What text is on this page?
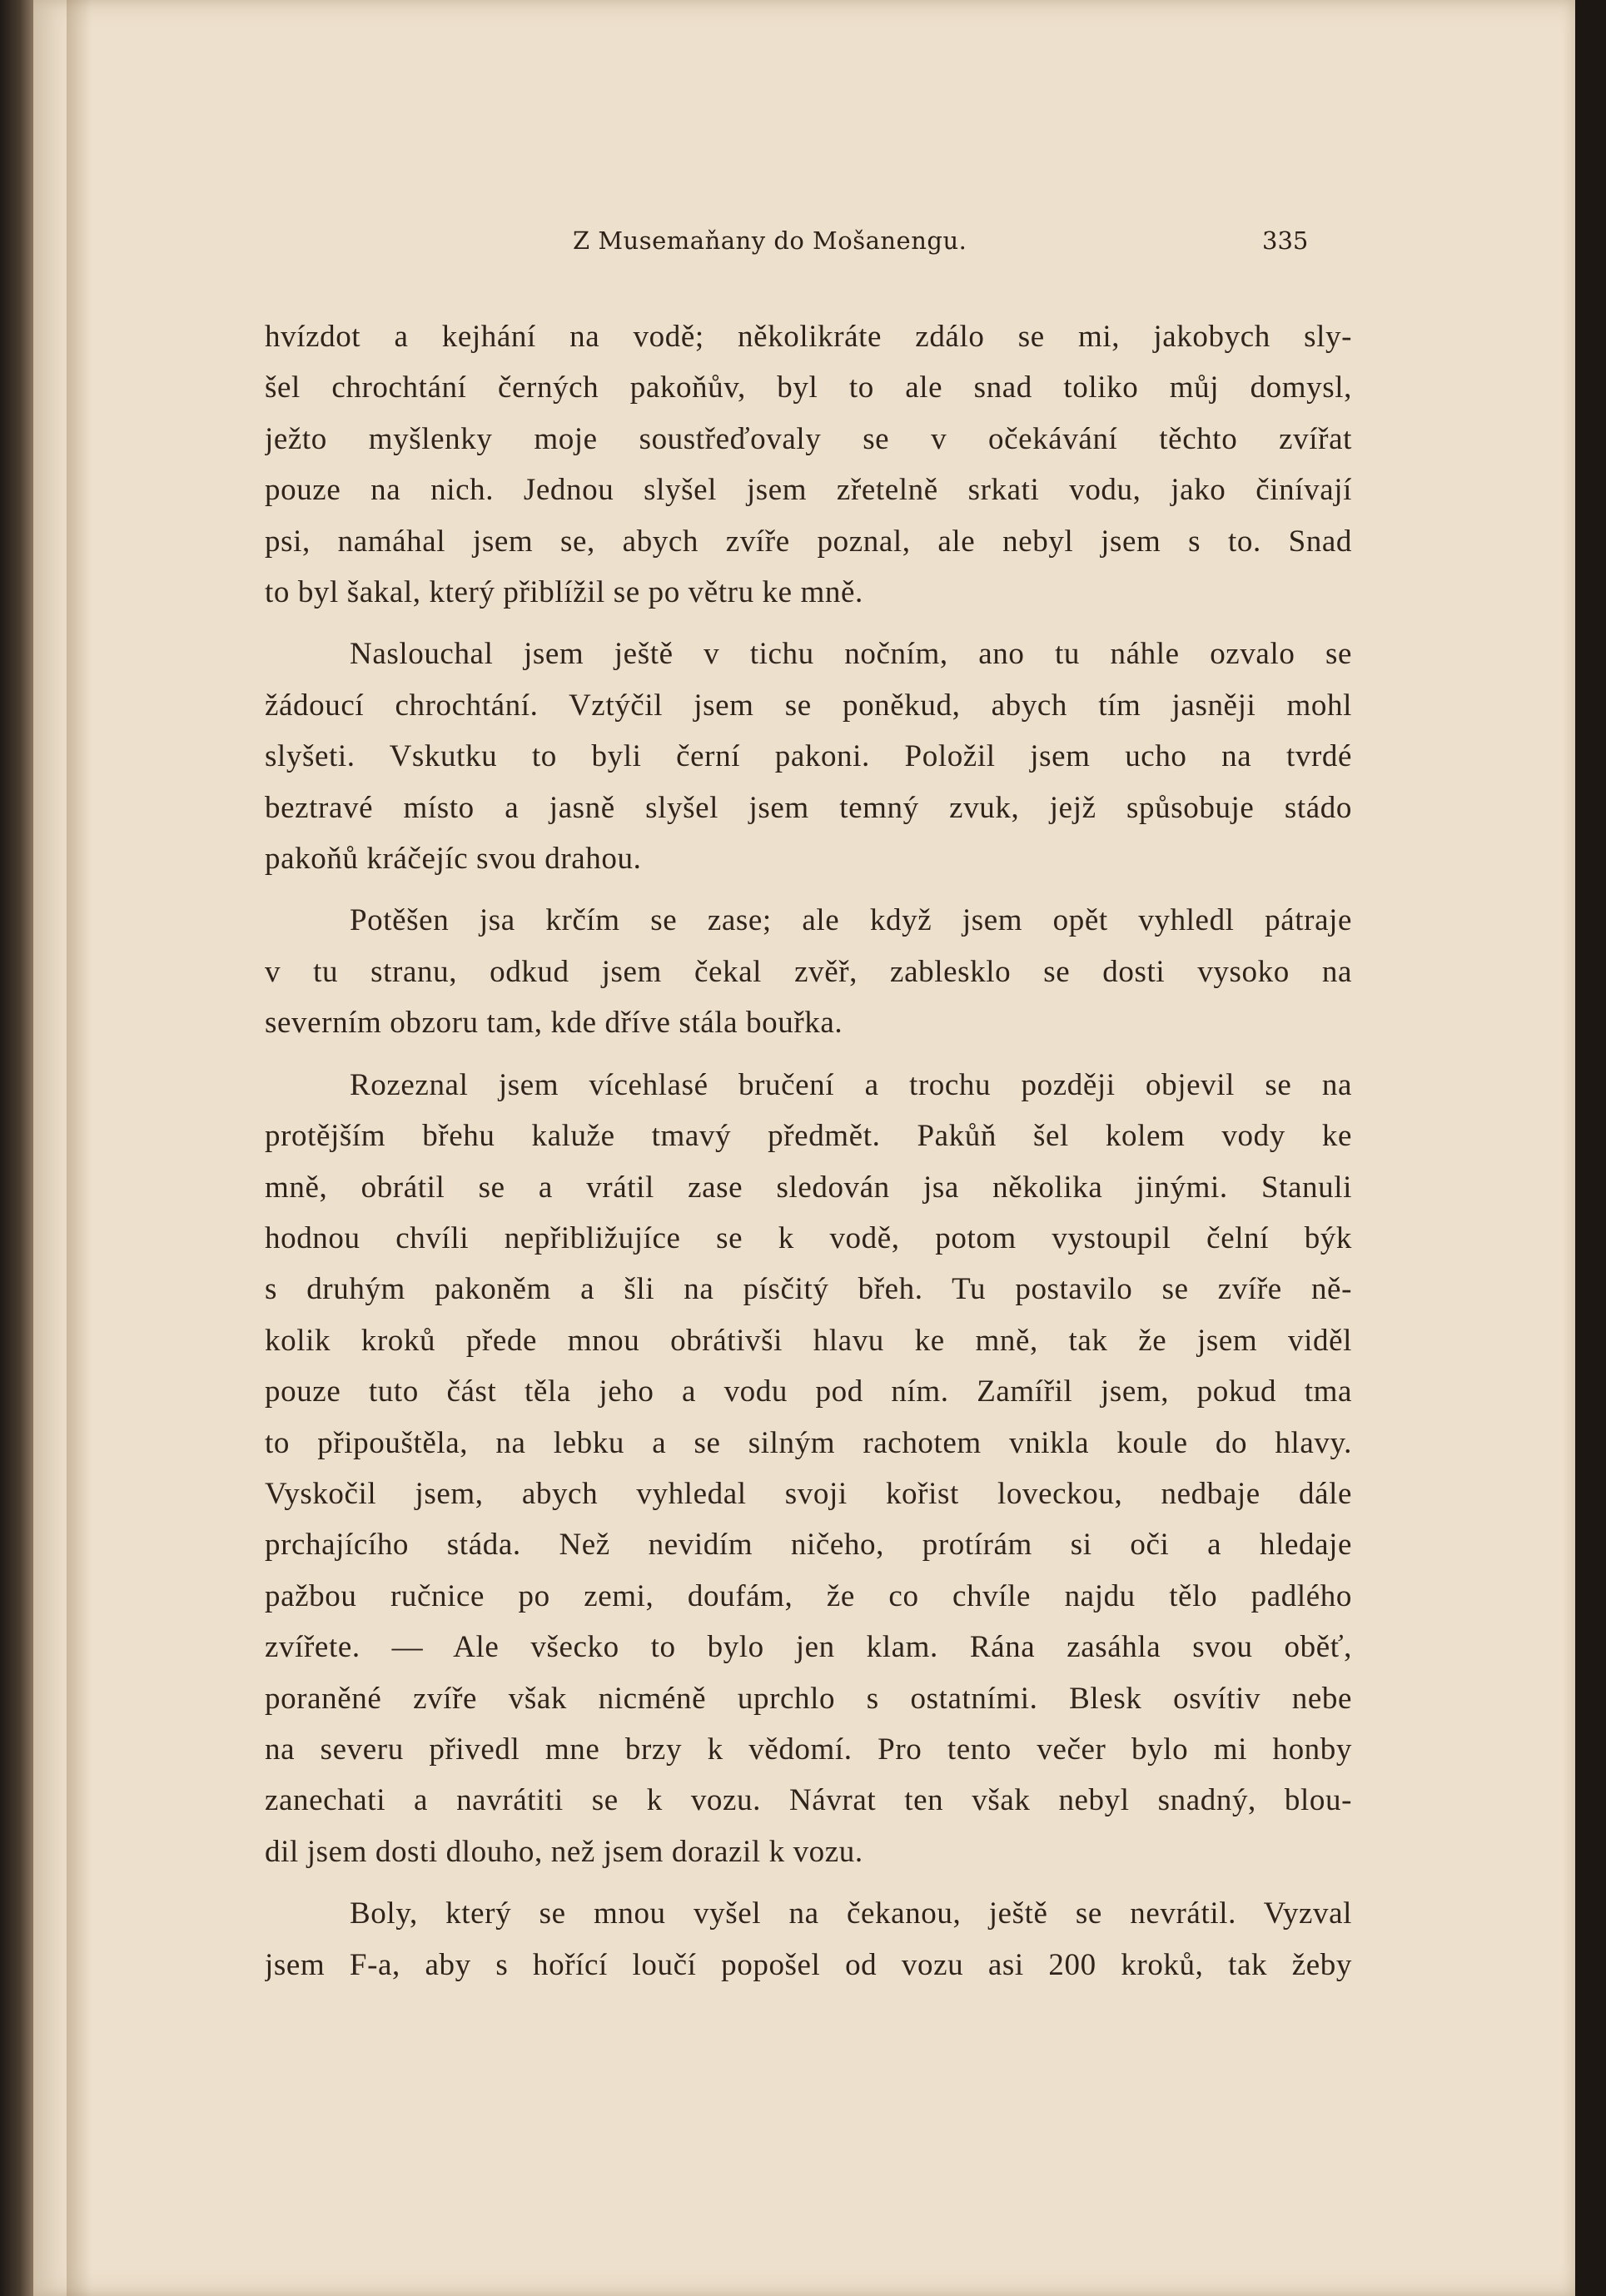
Z Musemaňany do Mošanengu.	335
hvízdot a kejhání na vodě; několikráte zdálo se mi, jakobych sly-
šel chrochtání černých pakoňův, byl to ale snad toliko můj domysl,
ježto myšlenky moje soustřeďovaly se v očekávání těchto zvířat
pouze na nich. Jednou slyšel jsem zřetelně srkati vodu, jako činívají
psi, namáhal jsem se, abych zvíře poznal, ale nebyl jsem s to. Snad
to byl šakal, který přiblížil se po větru ke mně.
Naslouchal jsem ještě v tichu nočním, ano tu náhle ozvalo se
žádoucí chrochtání. Vztýčil jsem se poněkud, abych tím jasněji mohl
slyšeti. Vskutku to byli černí pakoni. Položil jsem ucho na tvrdé
beztravé místo a jasně slyšel jsem temný zvuk, jejž spůsobuje stádo
pakoňů kráčejíc svou drahou.
Potěšen jsa krčím se zase; ale když jsem opět vyhledl pátraje
v tu stranu, odkud jsem čekal zvěř, zablesklo se dosti vysoko na
severním obzoru tam, kde dříve stála bouřka.
Rozeznal jsem vícehlasé bručení a trochu později objevil se na
protějším břehu kaluže tmavý předmět. Pakůň šel kolem vody ke
mně, obrátil se a vrátil zase sledován jsa několika jinými. Stanuli
hodnou chvíli nepřibližujíce se k vodě, potom vystoupil čelní býk
s druhým pakoněm a šli na písčitý břeh. Tu postavilo se zvíře ně-
kolik kroků přede mnou obrátivši hlavu ke mně, tak že jsem viděl
pouze tuto část těla jeho a vodu pod ním. Zamířil jsem, pokud tma
to připouštěla, na lebku a se silným rachotem vnikla koule do hlavy.
Vyskočil jsem, abych vyhledal svoji kořist loveckou, nedbaje dále
prchajícího stáda. Než nevidím ničeho, protírám si oči a hledaje
pažbou ručnice po zemi, doufám, že co chvíle najdu tělo padlého
zvířete. — Ale všecko to bylo jen klam. Rána zasáhla svou oběť,
poraněné zvíře však nicméně uprchlo s ostatními. Blesk osvítiv nebe
na severu přivedl mne brzy k vědomí. Pro tento večer bylo mi honby
zanechati a navrátiti se k vozu. Návrat ten však nebyl snadný, blou-
dil jsem dosti dlouho, než jsem dorazil k vozu.
Boly, který se mnou vyšel na čekanou, ještě se nevrátil. Vyzval
jsem F-a, aby s hořící loučí popošel od vozu asi 200 kroků, tak žeby
